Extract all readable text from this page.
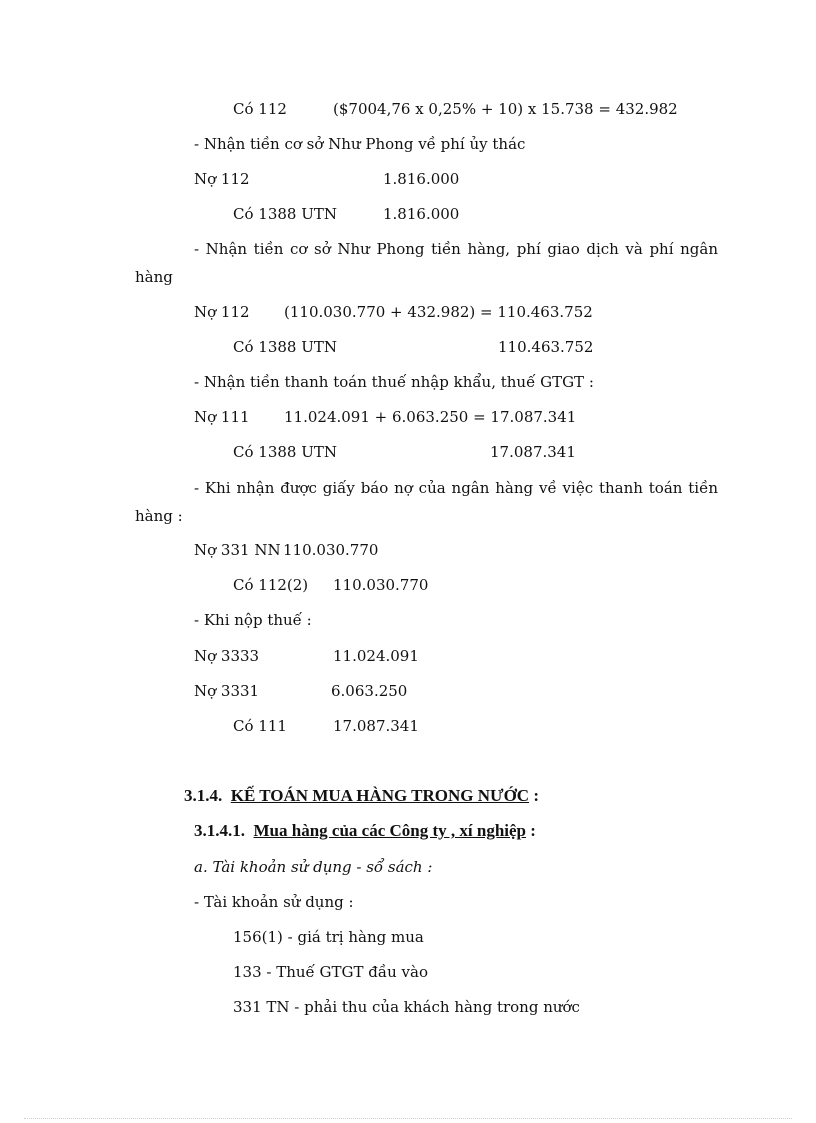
Có 112	($7004,76 x 0,25% + 10) x 15.738 = 432.982
- Nhận tiền cơ sở Như Phong về phí ủy thác
Nợ 112	1.816.000
Có 1388 UTN	1.816.000
- Nhận tiền cơ sở Như Phong tiền hàng, phí giao dịch và phí ngân
hàng
Nợ 112 (110.030.770 + 432.982) = 110.463.752
Có 1388 UTN	110.463.752
- Nhận tiền thanh toán thuế nhập khẩu, thuế GTGT :
Nợ 111 11.024.091 + 6.063.250 = 17.087.341
Có 1388 UTN	17.087.341
- Khi nhận được giấy báo nợ của ngân hàng về việc thanh toán tiền
hàng :
Nợ 331 NN 110.030.770
Có 112(2) 110.030.770
- Khi nộp thuế :
Nợ 3333	11.024.091
Nợ 3331	6.063.250
Có 111	17.087.341
3.1.4. KẾ TOÁN MUA HÀNG TRONG NƯỚC :
3.1.4.1. Mua hàng của các Công ty , xí nghiệp :
a. Tài khoản sử dụng - sổ sách :
- Tài khoản sử dụng :
156(1) - giá trị hàng mua
133 - Thuế GTGT đầu vào
331 TN - phải thu của khách hàng trong nước
